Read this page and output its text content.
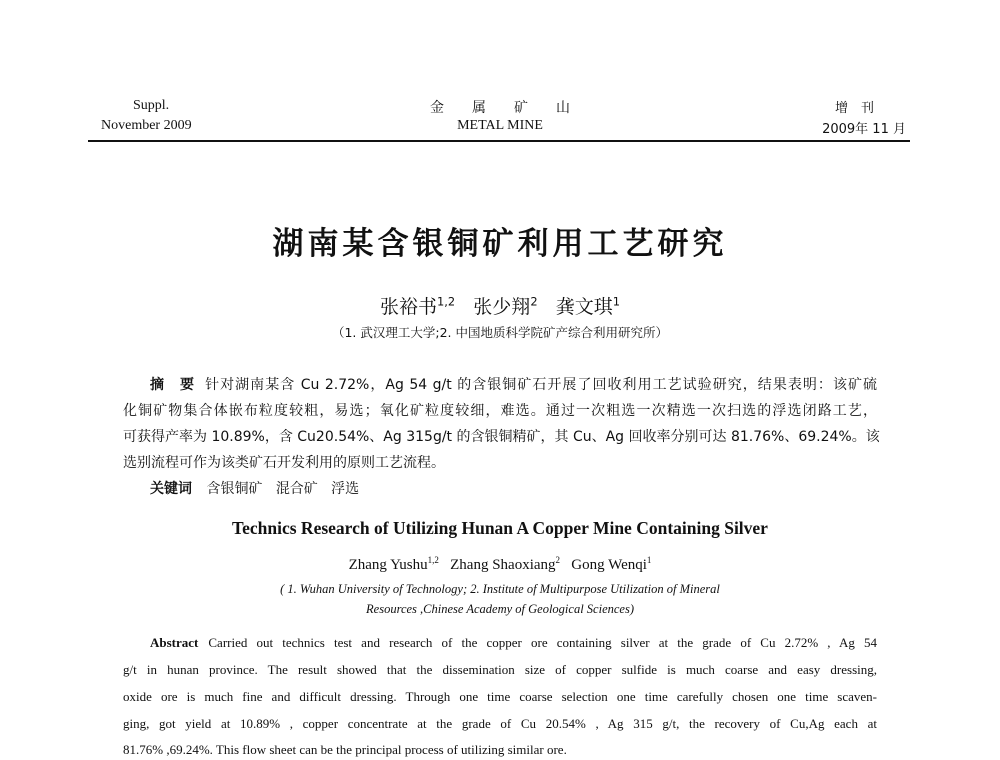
Suppl.
November 2009
金　　属　　矿　　山
METAL MINE
增　刊
2009年 11 月
湖南某含银铜矿利用工艺研究
张裕书$^{1,2}$ 张少翔$^2$ 龚文琪$^1$
（1. 武汉理工大学;2. 中国地质科学院矿产综合利用研究所）
摘　要 针对湖南某含 Cu 2.72%，Ag 54 g/t 的含银铜矿石开展了回收利用工艺试验研究，结果表明：该矿硫
化铜矿物集合体嵌布粒度较粗，易选；氧化矿粒度较细，难选。通过一次粗选一次精选一次扫选的浮选闭路工艺，
可获得产率为 10.89%，含 Cu20.54%、Ag 315g/t 的含银铜精矿，其 Cu、Ag 回收率分别可达 81.76%、69.24%。该
选别流程可作为该类矿石开发利用的原则工艺流程。
关键词 含银铜矿 混合矿 浮选
Technics Research of Utilizing Hunan A Copper Mine Containing Silver
Zhang Yushu$^{1,2}$ Zhang Shaoxiang$^2$ Gong Wenqi$^1$
( 1. Wuhan University of Technology; 2. Institute of Multipurpose Utilization of Mineral
Resources ,Chinese Academy of Geological Sciences)
Abstract Carried out technics test and research of the copper ore containing silver at the grade of Cu 2.72% , Ag 54
g/t in hunan province. The result showed that the dissemination size of copper sulfide is much coarse and easy dressing,
oxide ore is much fine and difficult dressing. Through one time coarse selection one time carefully chosen one time scaven-
ging, got yield at 10.89% , copper concentrate at the grade of Cu 20.54% , Ag 315 g/t, the recovery of Cu,Ag each at
81.76% ,69.24%. This flow sheet can be the principal process of utilizing similar ore.
